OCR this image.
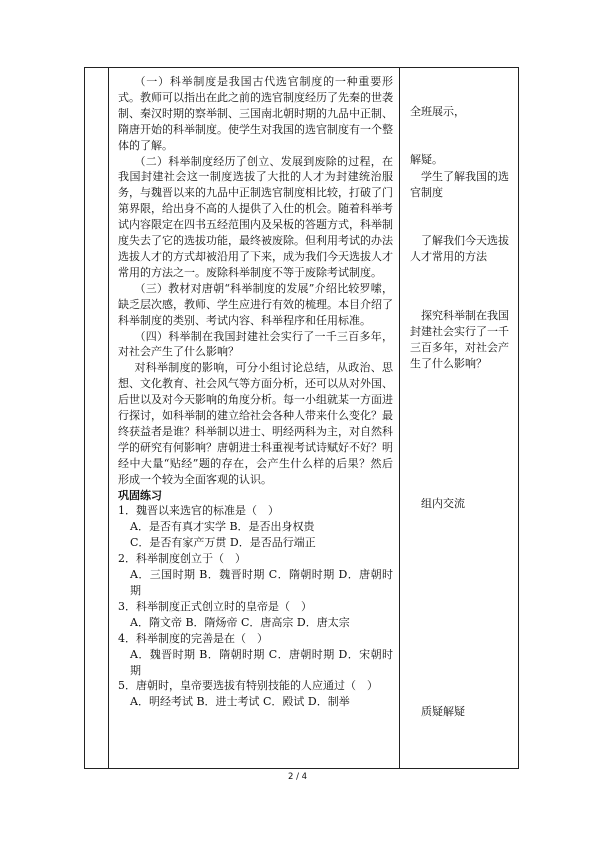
（一）科举制度是我国古代选官制度的一种重要形式。教师可以指出在此之前的选官制度经历了先秦的世袭制、秦汉时期的察举制、三国南北朝时期的九品中正制、隋唐开始的科举制度。使学生对我国的选官制度有一个整体的了解。

（二）科举制度经历了创立、发展到废除的过程，在我国封建社会这一制度选拔了大批的人才为封建统治服务，与魏晋以来的九品中正制选官制度相比较，打破了门第界限，给出身不高的人提供了入仕的机会。随着科举考试内容限定在四书五经范围内及呆板的答题方式，科举制度失去了它的选拔功能，最终被废除。但利用考试的办法选拔人才的方式却被沿用了下来，成为我们今天选拔人才常用的方法之一。废除科举制度不等于废除考试制度。

（三）教材对唐朝“科举制度的发展”介绍比较罗嗦，缺乏层次感，教师、学生应进行有效的梳理。本目介绍了科举制度的类别、考试内容、科举程序和任用标准。

（四）科举制在我国封建社会实行了一千三百多年，对社会产生了什么影响？

对科举制度的影响，可分小组讨论总结，从政治、思想、文化教育、社会风气等方面分析，还可以从对外国、后世以及对今天影响的角度分析。每一小组就某一方面进行探讨，如科举制的建立给社会各种人带来什么变化？最终获益者是谁？科举制以进士、明经两科为主，对自然科学的研究有何影响？唐朝进士科重视考试诗赋好不好？明经中大量“贴经”题的存在，会产生什么样的后果？然后形成一个较为全面客观的认识。

巩固练习

1．魏晋以来选官的标准是（　）

A．是否有真才实学 B．是否出身权贵

C．是否有家产万贯 D．是否品行端正

2．科举制度创立于（　）

A．三国时期 B．魏晋时期 C．隋朝时期 D．唐朝时期

3．科举制度正式创立时的皇帝是（　）

A．隋文帝 B．隋炀帝 C．唐高宗 D．唐太宗

4．科举制度的完善是在（　）

A．魏晋时期 B．隋朝时期 C．唐朝时期 D．宋朝时期

5．唐朝时，皇帝要选拔有特别技能的人应通过（　）

A．明经考试 B．进士考试 C．殿试 D．制举

全班展示，

解疑。

学生了解我国的选官制度

了解我们今天选拔人才常用的方法

探究科举制在我国封建社会实行了一千三百多年，对社会产生了什么影响？

组内交流

质疑解疑

2 / 4
